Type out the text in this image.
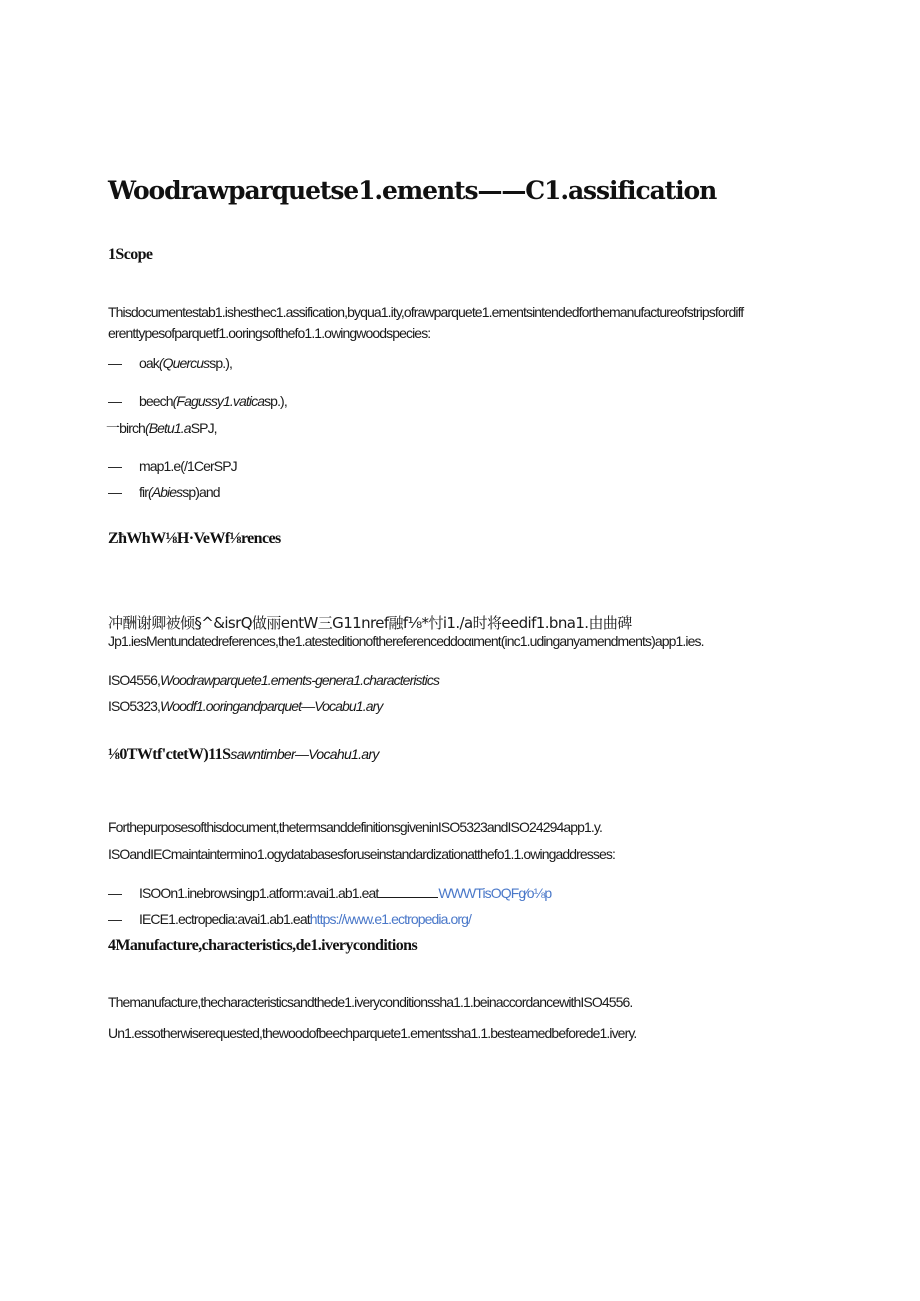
Woodrawparquetse1.ements——C1.assification
1Scope
Thisdocumentestab1.ishesthec1.assification,byqua1.ity,ofrawparquete1.ementsintendedforthemanufactureofstripsfordiff
erenttypesofparquetf1.ooringsofthefo1.1.owingwoodspecies:
— oak(Quercussp.),
— beech(Fagussy1.vaticasp.),
一birch(Betu1.aSPJ,
— map1.e(/1CerSPJ
— fir(Abiessp)and
ZħWhW⅛H·VeWf⅛rences
冲酬谢卿被倾§^&isrQ做丽entW三G11nref融f⅛*忖i1./a时将eedif1.bna1.由曲碑
Jp1.iesMentundatedreferences,the1.atesteditionofthereferenceddoαιment(inc1.udinganyamendments)app1.ies.
ISO4556,Woodrawparquete1.ements-genera1.characteristics
ISO5323,Woodf1.ooringandparquet—Vocabu1.ary
⅛0TWtf'ctetW)11Ssawntimber—Vocahu1.ary
Forthepurposesofthisdocument,thetermsanddefinitionsgiveninISO5323andISO24294app1.y.
ISOandIECmaintaintermino1.ogydatabasesforuseinstandardizationatthefo1.1.owingaddresses:
— ISOOn1.inebrowsingp1.atform:avai1.ab1.eat	WWWTisOQFg⁄o⅛p
— IECE1.ectropedia:avai1.ab1.eathttps://www.e1.ectropedia.org/
4Manufacture,characteristics,de1.iveryconditions
Themanufacture,thecharacteristicsandthede1.iveryconditionssha1.1.beinaccordancewithISO4556.
Un1.essotherwiserequested,thewoodofbeechparquete1.ementssha1.1.besteamedbeforede1.ivery.
